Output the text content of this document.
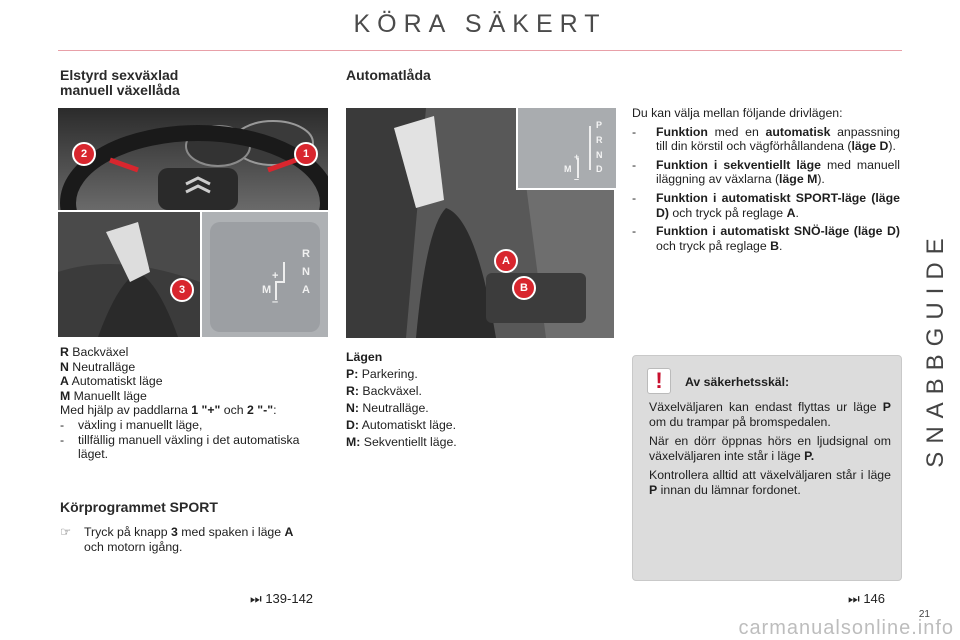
KÖRA SÄKERT
Elstyrd sexväxlad
manuell växellåda
2	1
3
R
N
A
M
+
–

R Backväxel

N Neutralläge

A Automatiskt läge

M Manuellt läge

Med hjälp av paddlarna 1 "+" och 2 "-":

-	växling i manuellt läge,
-	tillfällig manuell växling i det automatiska läget.
Körprogrammet SPORT
☞	Tryck på knapp 3 med spaken i läge A
och motorn igång.
⏭ 139-142
Automatlåda
A
B
P
R
N
D
M
+
–

Lägen

P: Parkering.

R: Backväxel.

N: Neutralläge.

D: Automatiskt läge.

M: Sekventiellt läge.

Du kan välja mellan följande drivlägen:

-	Funktion med en automatisk anpassning till din körstil och vägförhållandena (läge D).
-	Funktion i sekventiellt läge med manuell iläggning av växlarna (läge M).
-	Funktion i automatiskt SPORT-läge (läge D) och tryck på reglage A.
-	Funktion i automatiskt SNÖ-läge (läge D) och tryck på reglage B.
!	Av säkerhetsskäl:

Växelväljaren kan endast flyttas ur läge P om du trampar på bromspedalen.

När en dörr öppnas hörs en ljudsignal om växelväljaren inte står i läge P.

Kontrollera alltid att växelväljaren står i läge P innan du lämnar fordonet.

⏭ 146
SNABBGUIDE
21
carmanualsonline.info
